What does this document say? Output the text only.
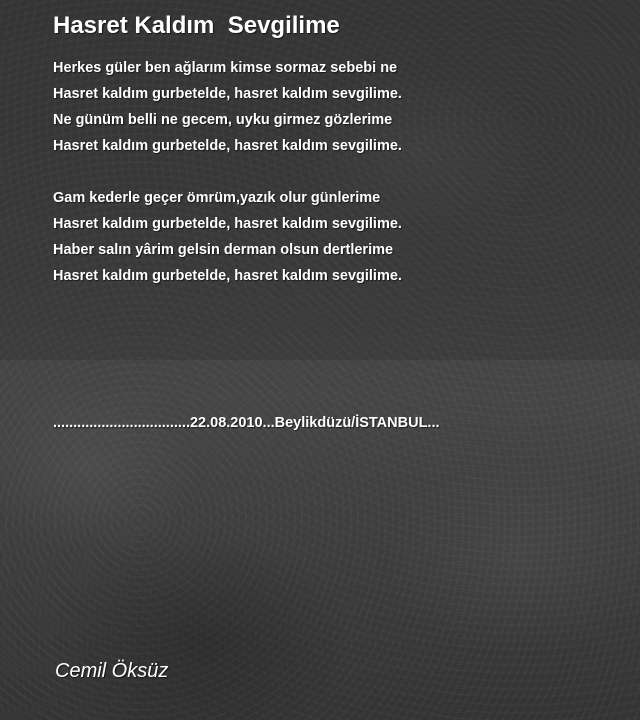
Hasret Kaldım  Sevgilime
Herkes güler ben ağlarım kimse sormaz sebebi ne
Hasret kaldım gurbetelde, hasret kaldım sevgilime.
Ne günüm belli ne gecem, uyku girmez gözlerime
Hasret kaldım gurbetelde, hasret kaldım sevgilime.
Gam kederle geçer ömrüm,yazık olur günlerime
Hasret kaldım gurbetelde, hasret kaldım sevgilime.
Haber salın yârim gelsin derman olsun dertlerime
Hasret kaldım gurbetelde, hasret kaldım sevgilime.
..................................22.08.2010...Beylikdüzü/İSTANBUL...
Cemil Öksüz
